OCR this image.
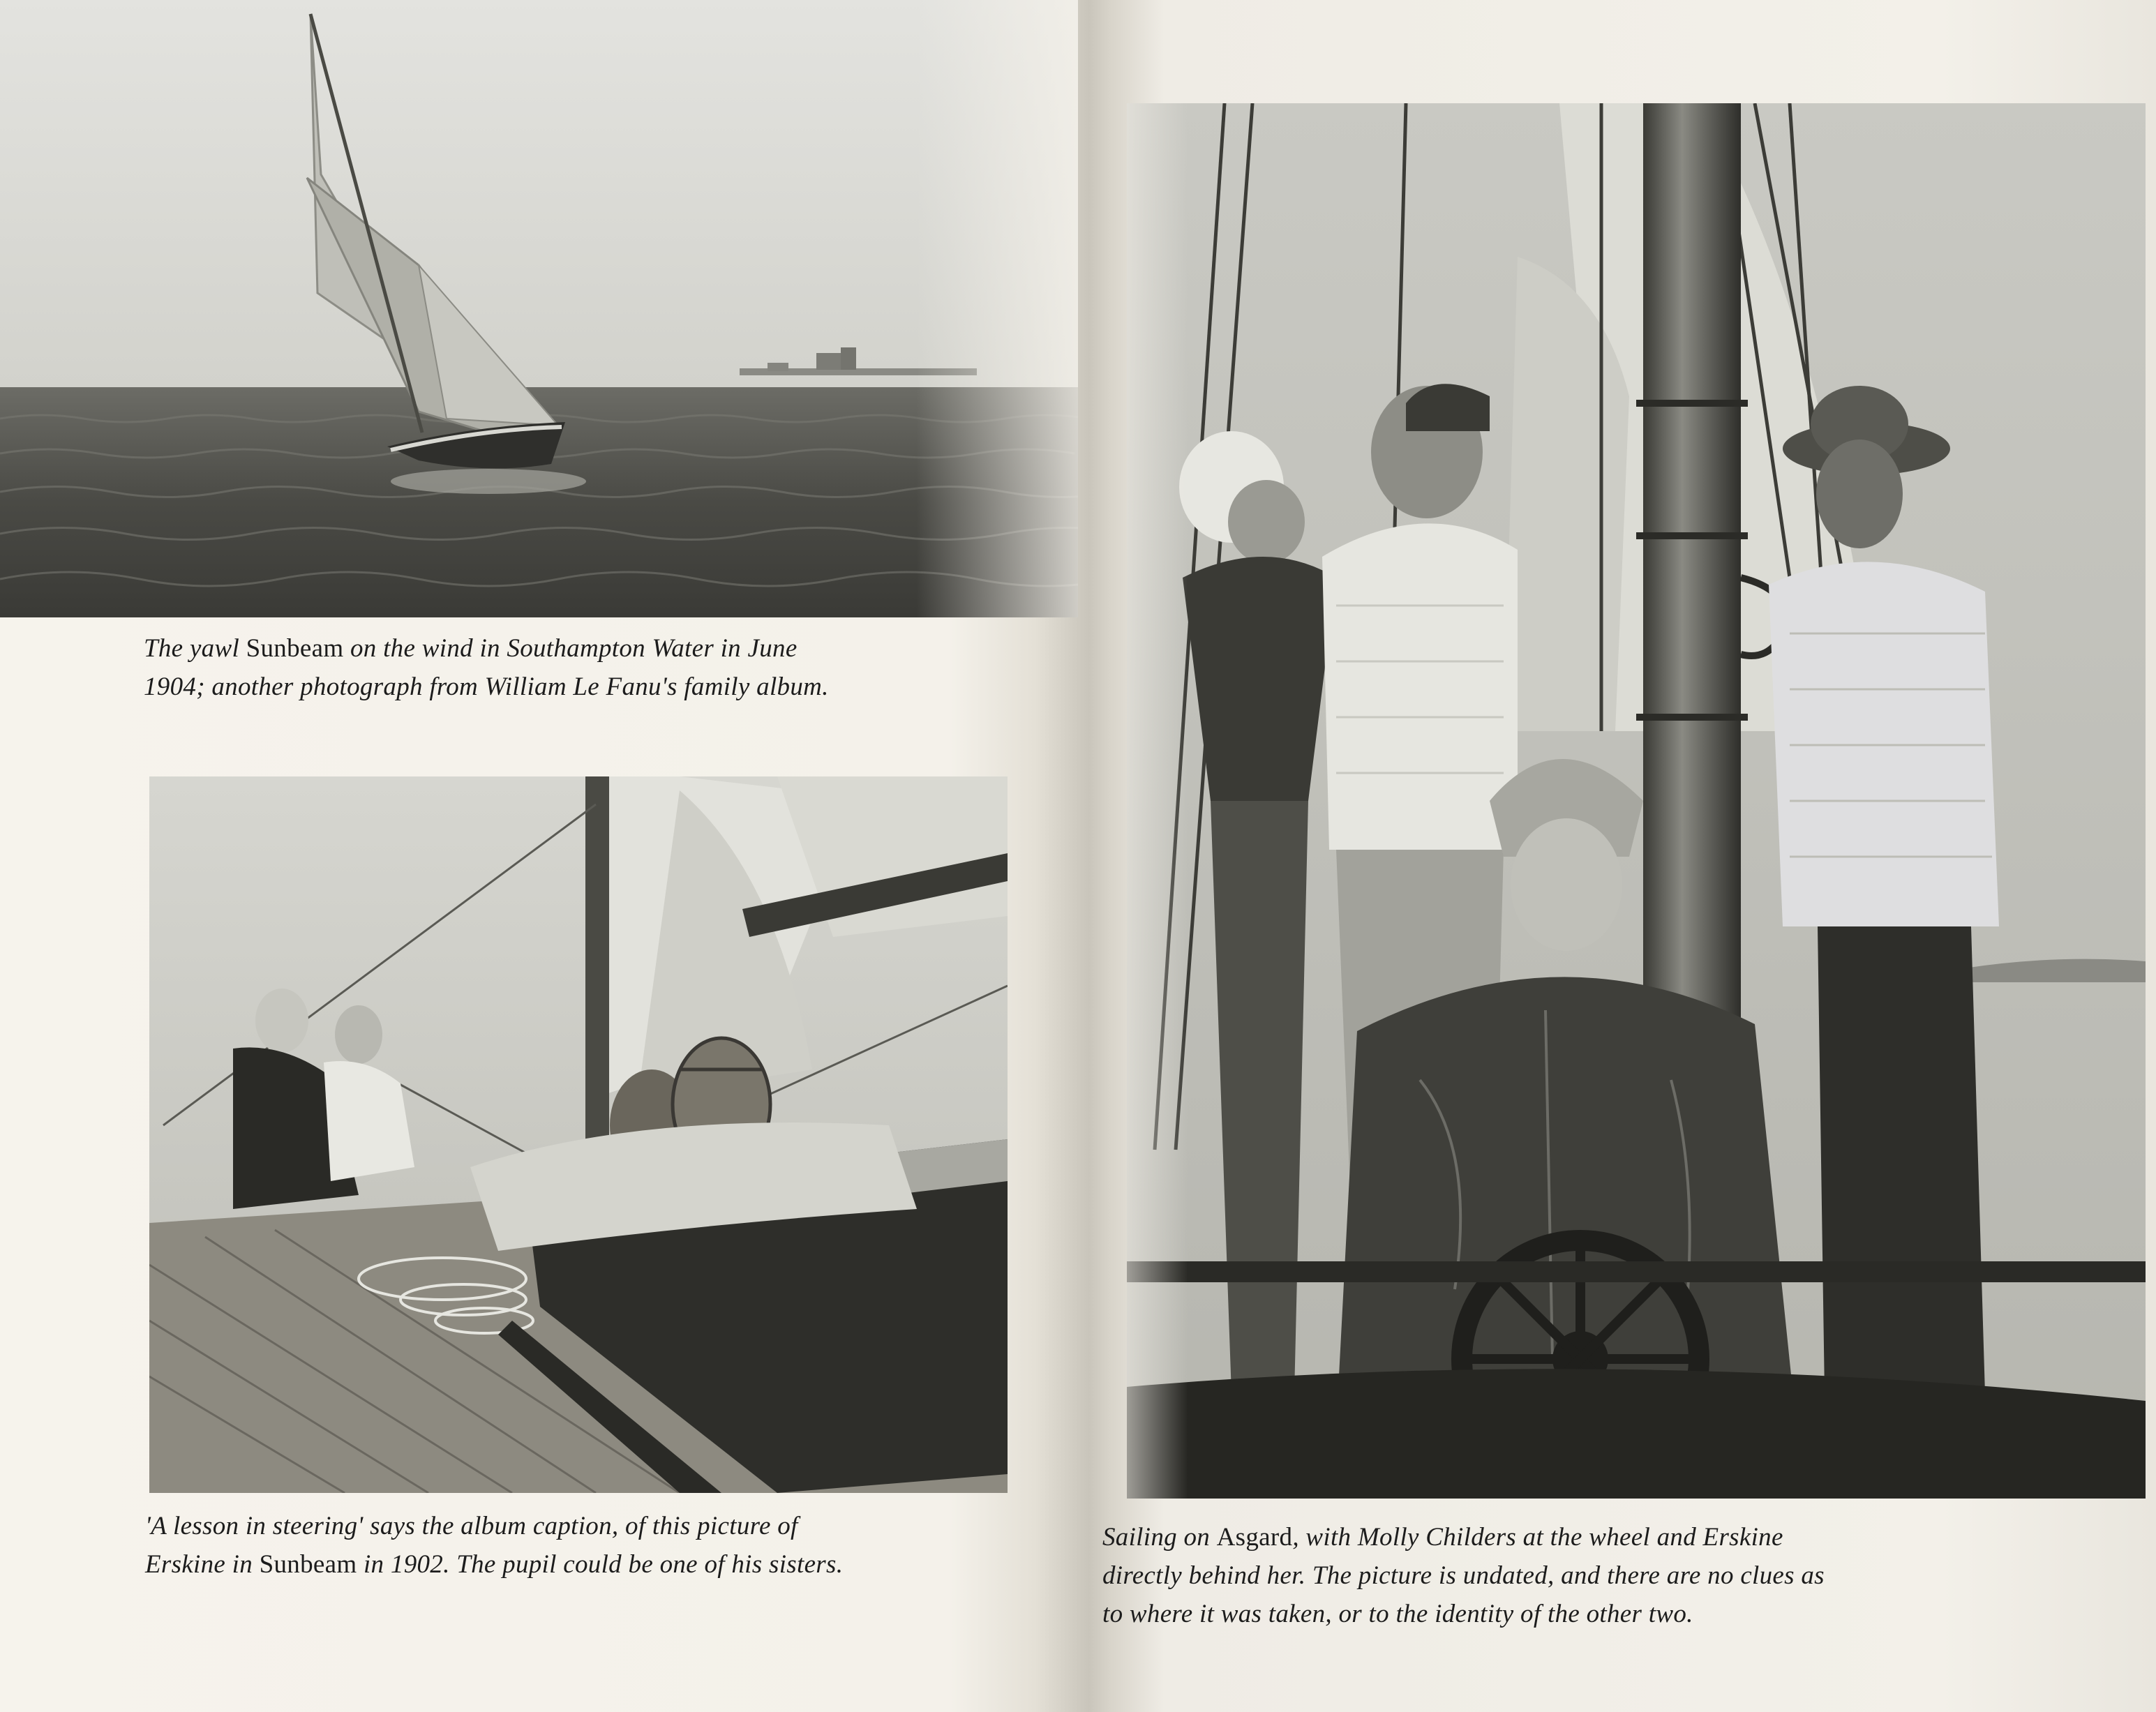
The yawl Sunbeam on the wind in Southampton Water in June
1904; another photograph from William Le Fanu's family album.
'A lesson in steering' says the album caption, of this picture of
Erskine in Sunbeam in 1902. The pupil could be one of his sisters.
Sailing on Asgard, with Molly Childers at the wheel and Erskine
directly behind her. The picture is undated, and there are no clues as
to where it was taken, or to the identity of the other two.
